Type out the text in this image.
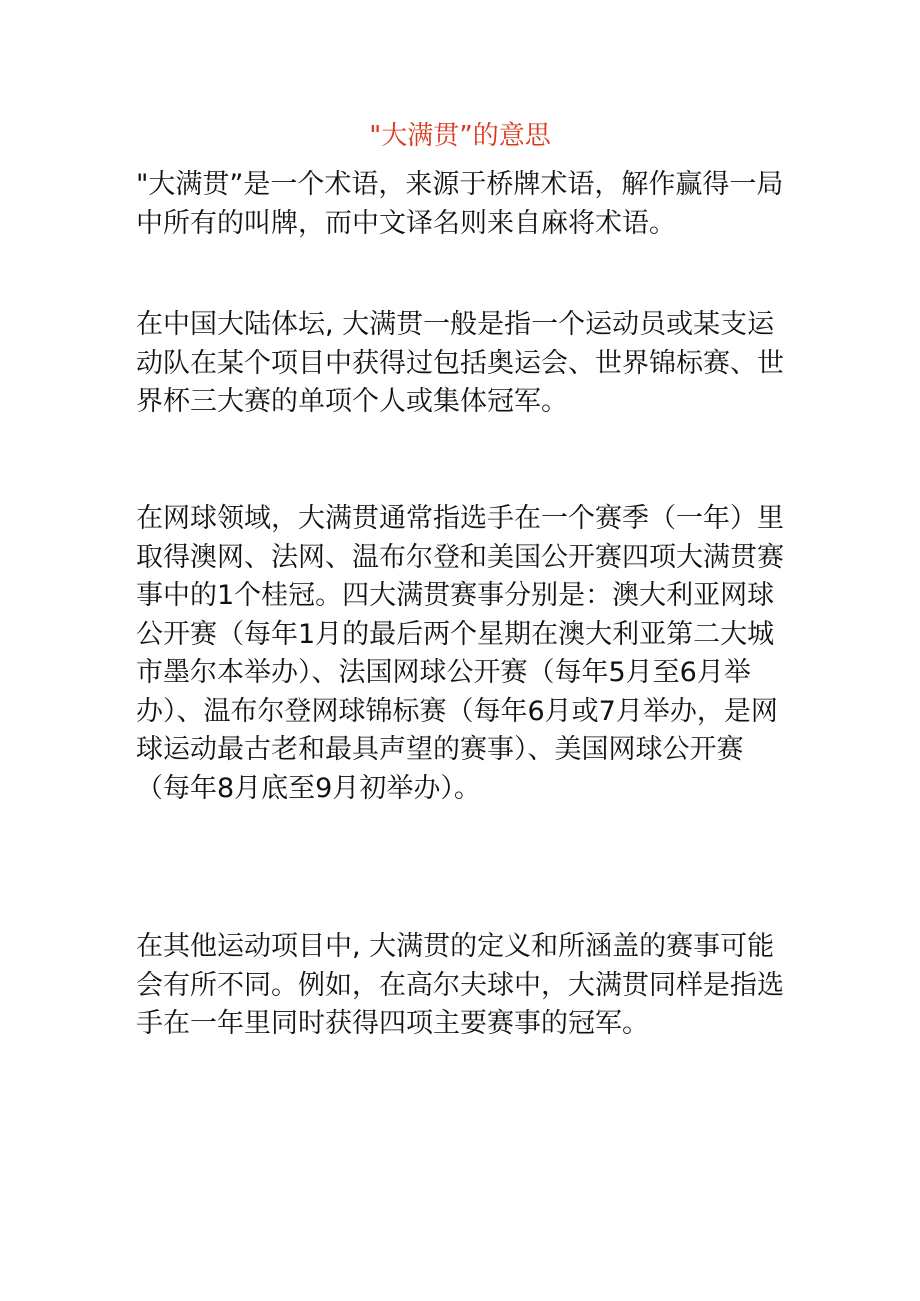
"大满贯”的意思
"大满贯”是一个术语，来源于桥牌术语，解作赢得一局中所有的叫牌，而中文译名则来自麻将术语。
在中国大陆体坛, 大满贯一般是指一个运动员或某支运动队在某个项目中获得过包括奥运会、世界锦标赛、世界杯三大赛的单项个人或集体冠军。
在网球领域，大满贯通常指选手在一个赛季（一年）里取得澳网、法网、温布尔登和美国公开赛四项大满贯赛事中的1个桂冠。四大满贯赛事分别是：澳大利亚网球公开赛（每年1月的最后两个星期在澳大利亚第二大城市墨尔本举办）、法国网球公开赛（每年5月至6月举办）、温布尔登网球锦标赛（每年6月或7月举办，是网球运动最古老和最具声望的赛事）、美国网球公开赛（每年8月底至9月初举办）。
在其他运动项目中, 大满贯的定义和所涵盖的赛事可能会有所不同。例如，在高尔夫球中，大满贯同样是指选手在一年里同时获得四项主要赛事的冠军。
